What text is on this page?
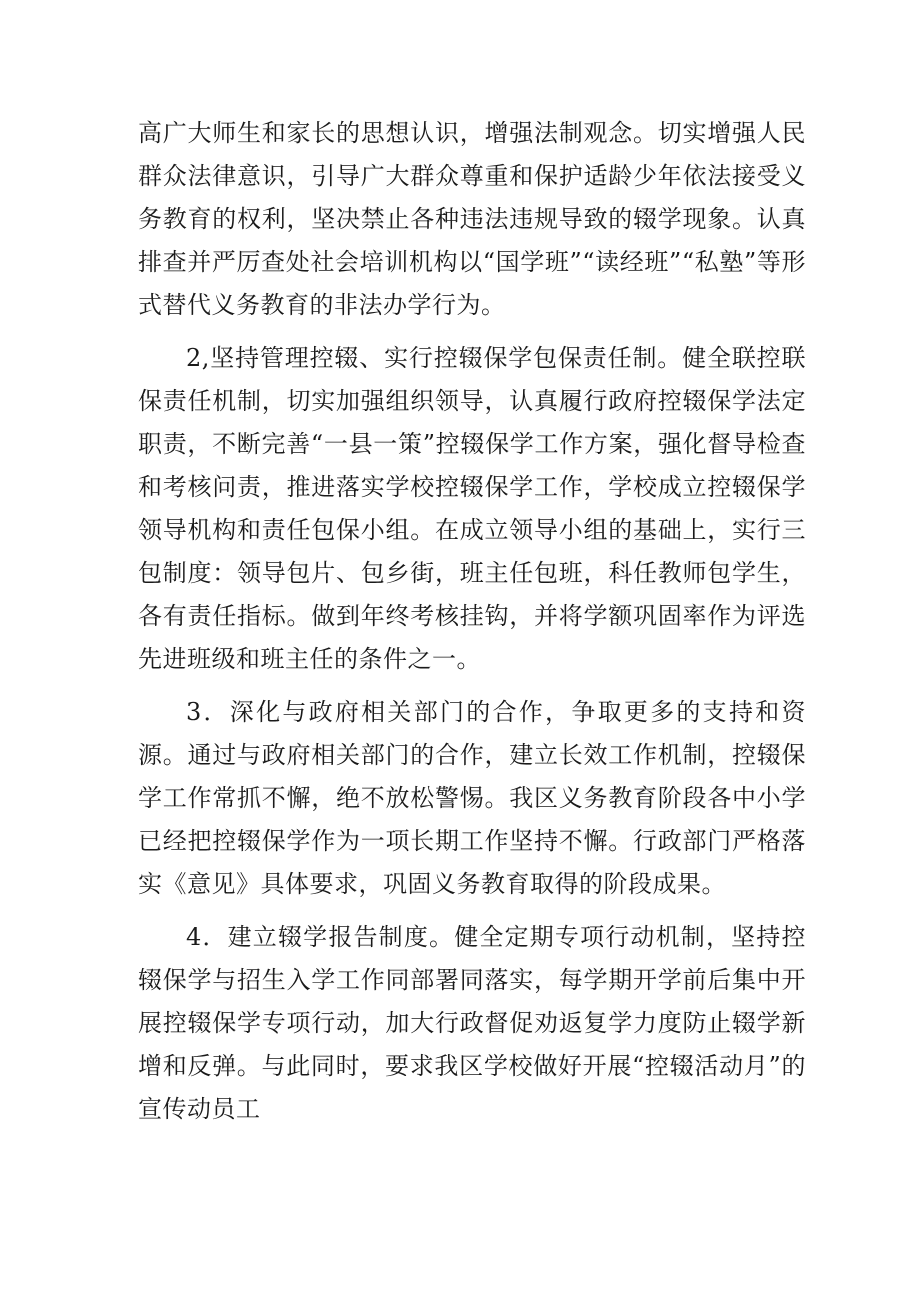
高广大师生和家长的思想认识，增强法制观念。切实增强人民群众法律意识，引导广大群众尊重和保护适龄少年依法接受义务教育的权利，坚决禁止各种违法违规导致的辍学现象。认真排查并严厉查处社会培训机构以“国学班”“读经班”“私塾”等形式替代义务教育的非法办学行为。

2,坚持管理控辍、实行控辍保学包保责任制。健全联控联保责任机制，切实加强组织领导，认真履行政府控辍保学法定职责，不断完善“一县一策”控辍保学工作方案，强化督导检查和考核问责，推进落实学校控辍保学工作，学校成立控辍保学领导机构和责任包保小组。在成立领导小组的基础上，实行三包制度：领导包片、包乡街，班主任包班，科任教师包学生，各有责任指标。做到年终考核挂钩，并将学额巩固率作为评选先进班级和班主任的条件之一。

3．深化与政府相关部门的合作，争取更多的支持和资源。通过与政府相关部门的合作，建立长效工作机制，控辍保学工作常抓不懈，绝不放松警惕。我区义务教育阶段各中小学已经把控辍保学作为一项长期工作坚持不懈。行政部门严格落实《意见》具体要求，巩固义务教育取得的阶段成果。

4．建立辍学报告制度。健全定期专项行动机制，坚持控辍保学与招生入学工作同部署同落实，每学期开学前后集中开展控辍保学专项行动，加大行政督促劝返复学力度防止辍学新增和反弹。与此同时，要求我区学校做好开展“控辍活动月”的宣传动员工
